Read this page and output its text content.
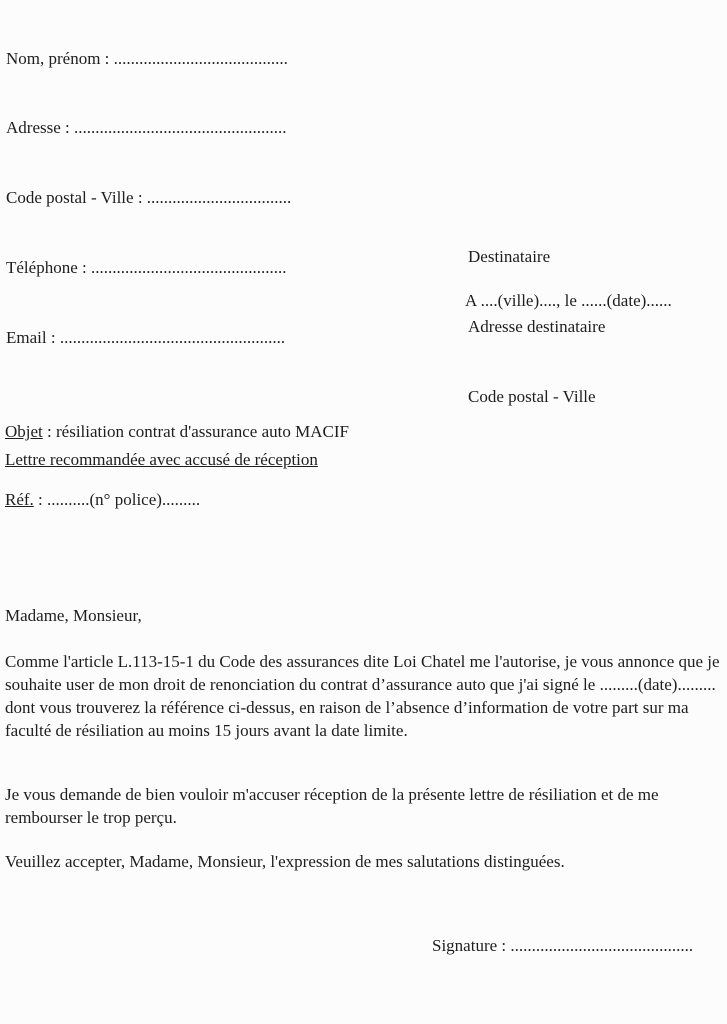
Nom, prénom : .........................................

Adresse : ..................................................

Code postal - Ville : ..................................

Téléphone : ..............................................

Email : .....................................................

Destinataire

Adresse destinataire

Code postal - Ville

A ....(ville)...., le ......(date)......

Objet : résiliation contrat d'assurance auto MACIF

Réf. : ..........(n° police).........

Lettre recommandée avec accusé de réception
Madame, Monsieur,
Comme l'article L.113-15-1 du Code des assurances dite Loi Chatel me l'autorise, je vous annonce que je souhaite user de mon droit de renonciation du contrat d’assurance auto que j'ai signé le .........(date)......... dont vous trouverez la référence ci-dessus, en raison de l’absence d’information de votre part sur ma faculté de résiliation au moins 15 jours avant la date limite.
Je vous demande de bien vouloir m'accuser réception de la présente lettre de résiliation et de me rembourser le trop perçu.
Veuillez accepter, Madame, Monsieur, l'expression de mes salutations distinguées.
Signature : ...........................................
